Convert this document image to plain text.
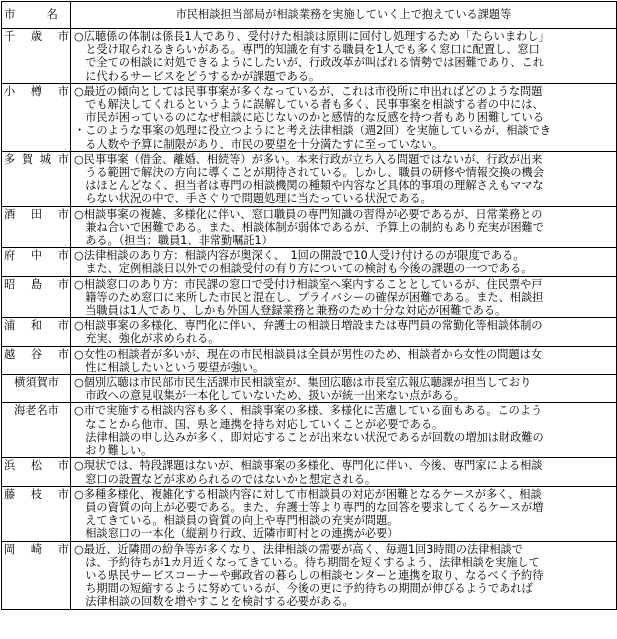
市　名	市民相談担当部局が相談業務を実施していく上で抱えている課題等
千　歳　市	○広聴係の体制は係長1人であり、受付けた相談は原則に回付し処理するため「たらいまわし」
　と受け取られるきらいがある。専門的知識を有する職員を1人でも多く窓口に配置し、窓口
　で全ての相談に対処できるようにしたいが、行政改革が叫ばれる情勢では困難であり、これ
　に代わるサービスをどうするかが課題である。

小　樽　市	○最近の傾向としては民事事案が多くなっているが、これは市役所に申出ればどのような問題
　でも解決してくれるというように誤解している者も多く、民事事案を相談する者の中には、
　市民が困っているのになぜ相談に応じないのかと感情的な反感を持つ者もあり困難している
・このような事案の処理に役立つようにと考え法律相談（週2回）を実施しているが、相談でき
　る人数や予算に制限があり、市民の要望を十分満たすに至っていない。

多賀城市	○民事事案（借金、離婚、相続等）が多い。本来行政が立ち入る問題ではないが、行政が出来
　うる範囲で解決の方向に導くことが期待されている。しかし、職員の研修や情報交換の機会
　はほとんどなく、担当者は専門の相談機関の種類や内容など具体的事項の理解さえもママな
　らない状況の中で、手さぐりで問題処理に当たっている状況である。

酒　田　市	○相談事案の複雑、多様化に伴い、窓口職員の専門知識の習得が必要であるが、日常業務との
　兼ね合いで困難である。また、相談体制が弱体であるが、予算上の制約もあり充実が困難で
　ある。（担当：職員1、非常勤嘱託1）

府　中　市	○法律相談のあり方：相談内容が奥深く、　1回の開設で10人受け付けるのが限度である。
　また、定例相談日以外での相談受付の有り方についての検討も今後の課題の一つである。

昭　島　市	○相談窓口のあり方：市民課の窓口で受付け相談室へ案内することとしているが、住民票や戸
　籍等のため窓口に来所した市民と混在し、プライバシーの確保が困難である。また、相談担
　当職員は1人であり、しかも外国人登録業務と兼務のため十分な対応が困難である。

浦　和　市	○相談事案の多様化、専門化に伴い、弁護士の相談日増設または専門員の常勤化等相談体制の
　充実、強化が求められる。

越　谷　市	○女性の相談者が多いが、現在の市民相談員は全員が男性のため、相談者から女性の問題は女
　性に相談したいという要望が強い。

横須賀市	○個別広聴は市民部市民生活課市民相談室が、集団広聴は市長室広報広聴課が担当しており
　市政への意見収集が一本化していないため、扱いが統一出来ない点がある。

海老名市	○市で実施する相談内容も多く、相談事案の多様、多様化に苦慮している面もある。このよう
　なことから他市、国、県と連携を持ち対応していくことが必要である。
　法律相談の申し込みが多く、即対応することが出来ない状況であるが回数の増加は財政難の
　おり難しい。

浜　松　市	○現状では、特段課題はないが、相談事案の多様化、専門化に伴い、今後、専門家による相談
　窓口の設置などが求められるのではないかと想定される。

藤　枝　市	○多種多様化、複雑化する相談内容に対して市相談員の対応が困難となるケースが多く、相談
　員の資質の向上が必要である。また、弁護士等より専門的な回答を要求してくるケースが増
　えてきている。相談員の資質の向上や専門相談の充実が問題。
　相談窓口の一本化（縦割り行政、近隣市町村との連携が必要）

岡　崎　市	○最近、近隣間の紛争等が多くなり、法律相談の需要が高く、毎週1回3時間の法律相談で
　は、予約待ちが1カ月近くなってきている。待ち期間を短くするよう、法律相談を実施して
　いる県民サービスコーナーや郵政省の暮らしの相談センターと連携を取り、なるべく予約待
　ち期間の短縮するように努めているが、今後の更に予約待ちの期間が伸びるようであれば
　法律相談の回数を増やすことを検討する必要がある。
